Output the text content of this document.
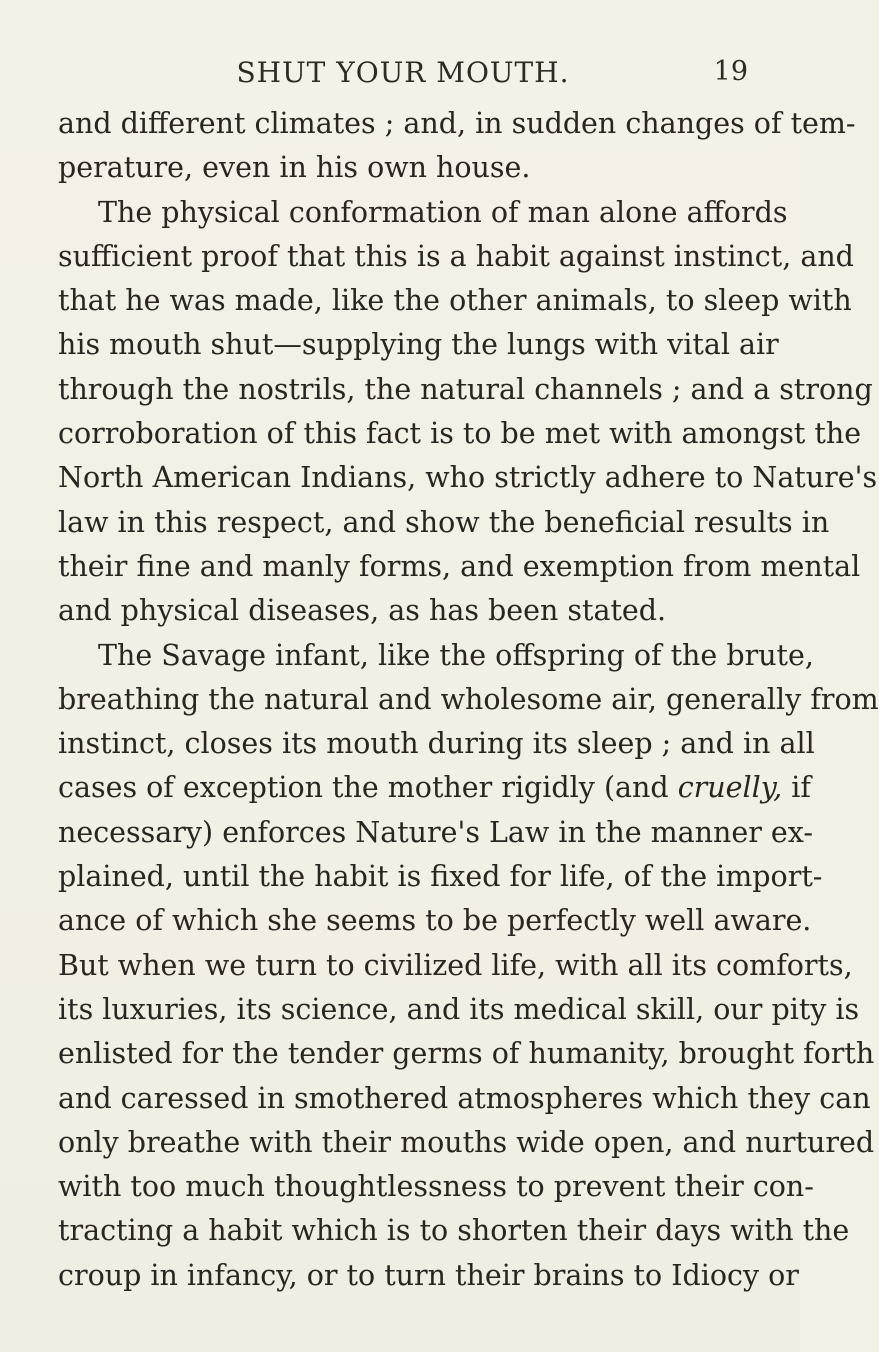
SHUT YOUR MOUTH.	19
and different climates ; and, in sudden changes of tem-
perature, even in his own house.
The physical conformation of man alone affords
sufficient proof that this is a habit against instinct, and
that he was made, like the other animals, to sleep with
his mouth shut—supplying the lungs with vital air
through the nostrils, the natural channels ; and a strong
corroboration of this fact is to be met with amongst the
North American Indians, who strictly adhere to Nature's
law in this respect, and show the beneficial results in
their fine and manly forms, and exemption from mental
and physical diseases, as has been stated.
The Savage infant, like the offspring of the brute,
breathing the natural and wholesome air, generally from
instinct, closes its mouth during its sleep ; and in all
cases of exception the mother rigidly (and cruelly, if
necessary) enforces Nature's Law in the manner ex-
plained, until the habit is fixed for life, of the import-
ance of which she seems to be perfectly well aware.
But when we turn to civilized life, with all its comforts,
its luxuries, its science, and its medical skill, our pity is
enlisted for the tender germs of humanity, brought forth
and caressed in smothered atmospheres which they can
only breathe with their mouths wide open, and nurtured
with too much thoughtlessness to prevent their con-
tracting a habit which is to shorten their days with the
croup in infancy, or to turn their brains to Idiocy or
